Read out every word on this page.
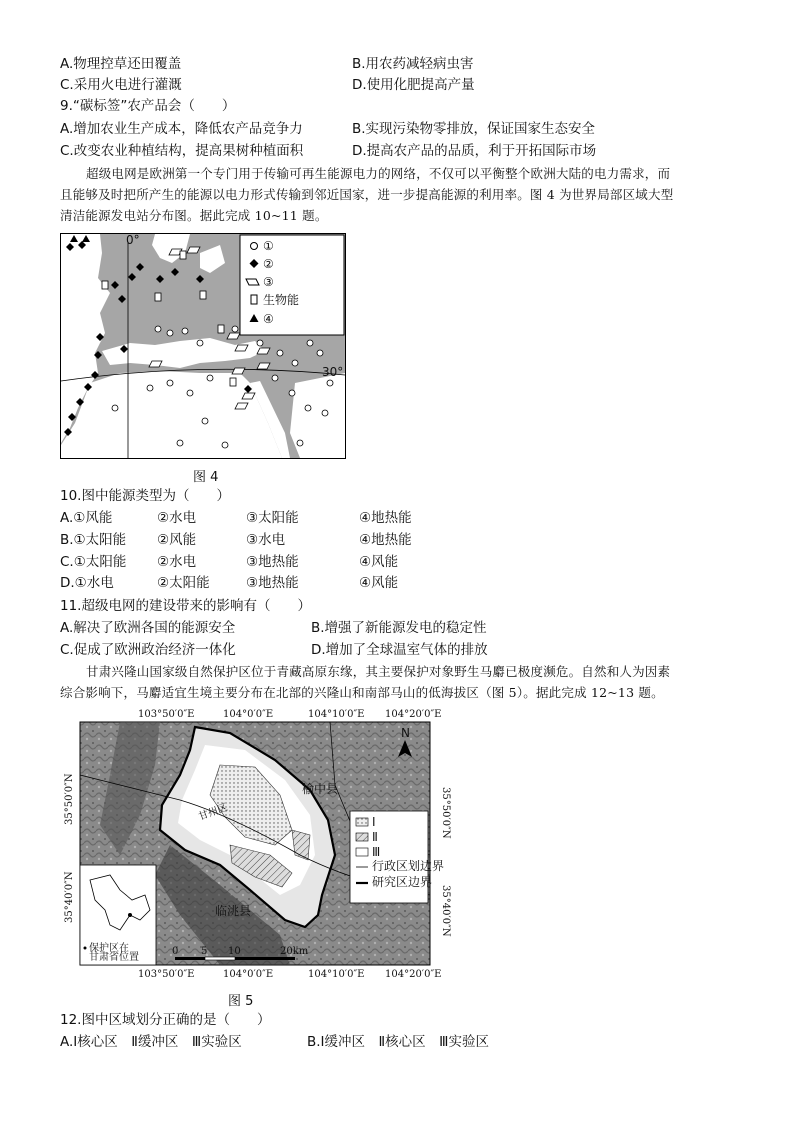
A.物理控草还田覆盖	B.用农药减轻病虫害
C.采用火电进行灌溉	D.使用化肥提高产量
9.“碳标签”农产品会（　　）
A.增加农业生产成本，降低农产品竞争力	B.实现污染物零排放，保证国家生态安全
C.改变农业种植结构，提高果树种植面积	D.提高农产品的品质，利于开拓国际市场
超级电网是欧洲第一个专门用于传输可再生能源电力的网络，不仅可以平衡整个欧洲大陆的电力需求，而
且能够及时把所产生的能源以电力形式传输到邻近国家，进一步提高能源的利用率。图 4 为世界局部区域大型
清洁能源发电站分布图。据此完成 10~11 题。
0°
30°
①
②
③
生物能
④
图 4
10.图中能源类型为（　　）
A.①风能	②水电	③太阳能	④地热能
B.①太阳能 ②风能	③水电	④地热能
C.①太阳能 ②水电	③地热能	④风能
D.①水电	②太阳能	③地热能	④风能
11.超级电网的建设带来的影响有（　　）
A.解决了欧洲各国的能源安全	B.增强了新能源发电的稳定性
C.促成了欧洲政治经济一体化	D.增加了全球温室气体的排放
甘肃兴隆山国家级自然保护区位于青藏高原东缘，其主要保护对象野生马麝已极度濒危。自然和人为因素
综合影响下，马麝适宜生境主要分布在北部的兴隆山和南部马山的低海拔区（图 5）。据此完成 12~13 题。
103°50′0″E	104°0′0″E	104°10′0″E 104°20′0″E
甘州区
榆中县
临洮县
N
Ⅰ
Ⅱ
Ⅲ
行政区划边界
研究区边界
保护区在
甘肃省位置
0 5 10	20km
35°50′0″N
35°40′0″N
35°50′0″N
35°40′0″N
103°50′0″E	104°0′0″E	104°10′0″E 104°20′0″E
图 5
12.图中区域划分正确的是（　　）
A.Ⅰ核心区　Ⅱ缓冲区　Ⅲ实验区	B.Ⅰ缓冲区　Ⅱ核心区　Ⅲ实验区
